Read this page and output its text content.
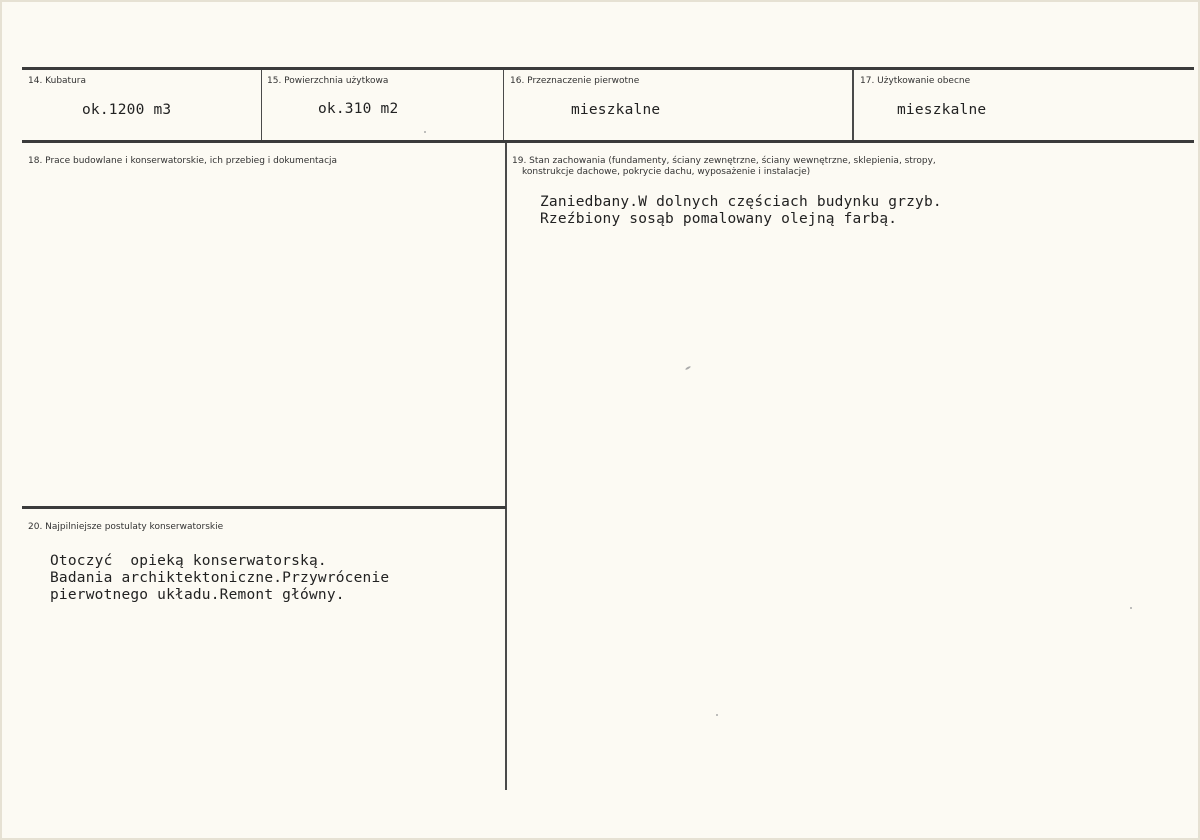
14. Kubatura
ok.1200 m3
15. Powierzchnia użytkowa
ok.310 m2
16. Przeznaczenie pierwotne
mieszkalne
17. Użytkowanie obecne
mieszkalne
18. Prace budowlane i konserwatorskie, ich przebieg i dokumentacja	19. Stan zachowania (fundamenty, ściany zewnętrzne, ściany wewnętrzne, sklepienia, stropy,
konstrukcje dachowe, pokrycie dachu, wyposażenie i instalacje)
Zaniedbany.W dolnych częściach budynku grzyb.
Rzeźbiony sosąb pomalowany olejną farbą.
20. Najpilniejsze postulaty konserwatorskie
Otoczyć  opieką konserwatorską.
Badania archiktektoniczne.Przywrócenie
pierwotnego układu.Remont główny.
